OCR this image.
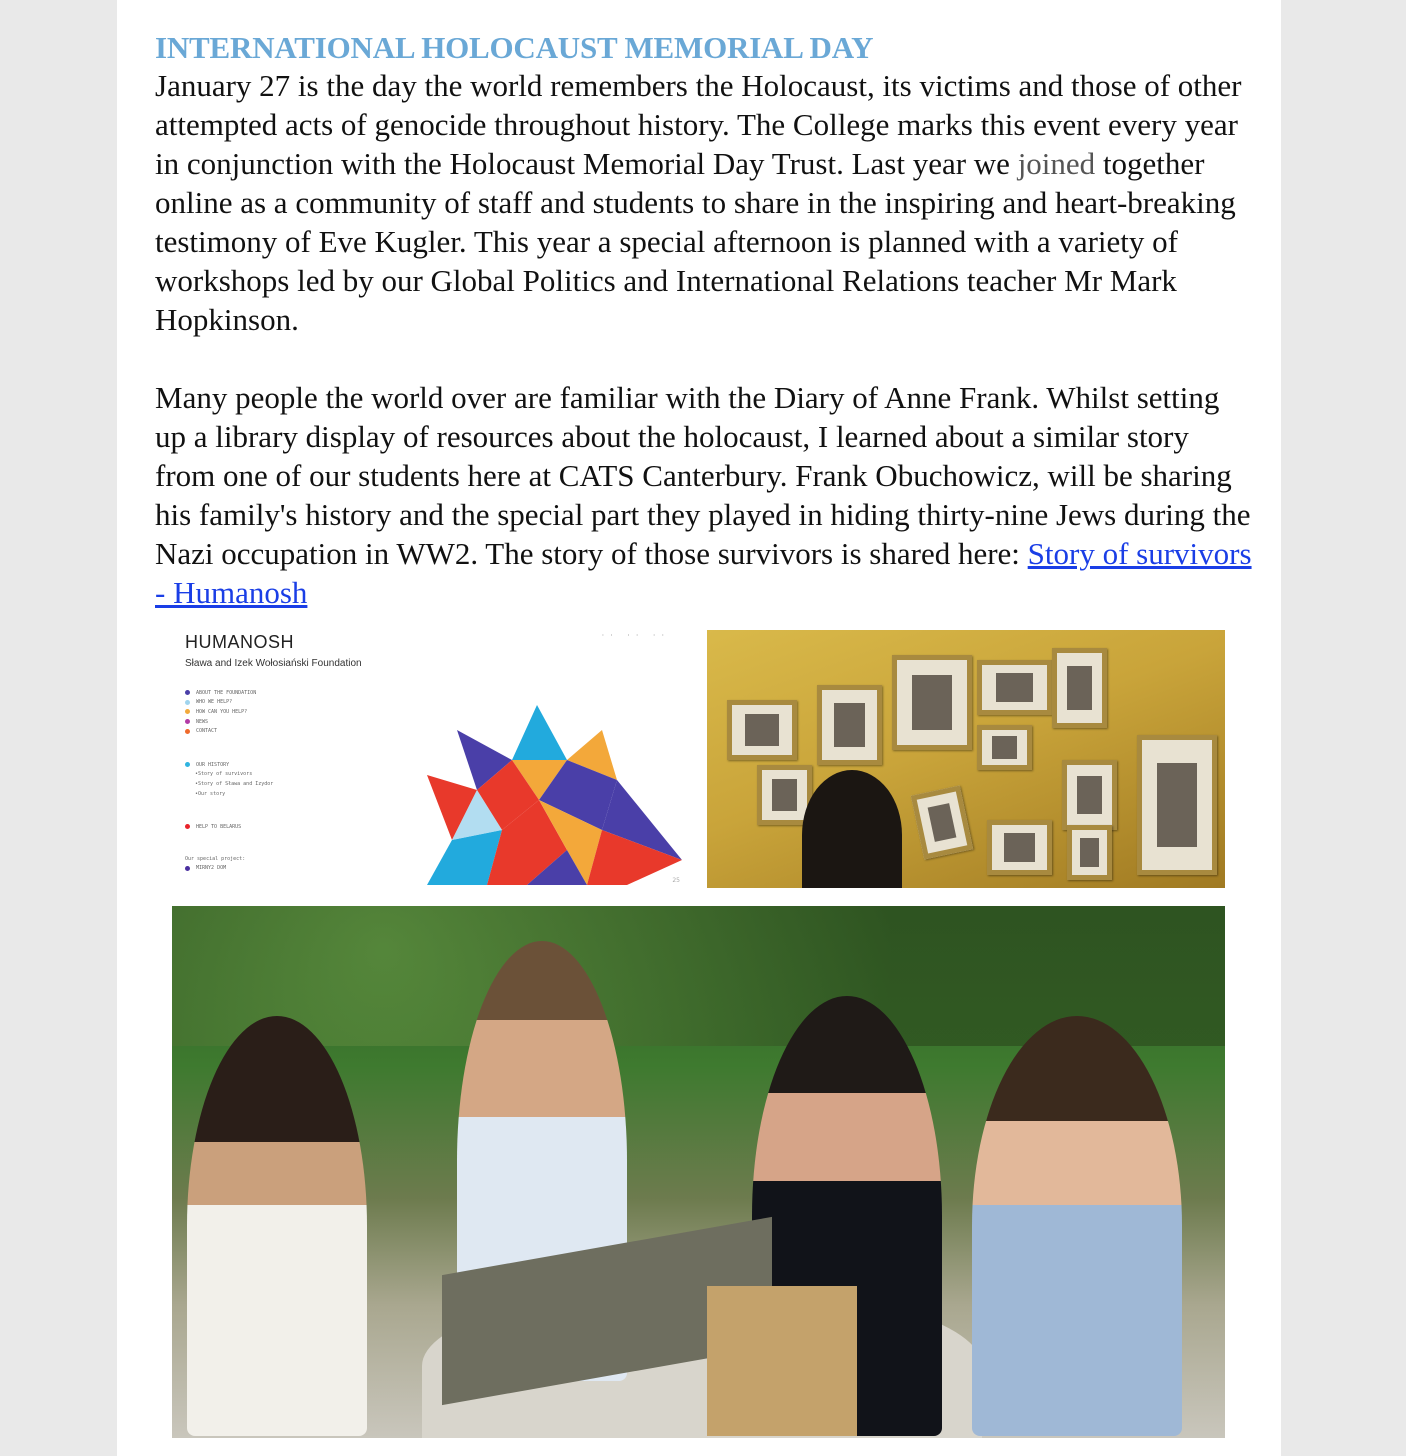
INTERNATIONAL HOLOCAUST MEMORIAL DAY

January 27 is the day the world remembers the Holocaust, its victims and those of other attempted acts of genocide throughout history. The College marks this event every year in conjunction with the Holocaust Memorial Day Trust. Last year we joined together online as a community of staff and students to share in the inspiring and heart-breaking testimony of Eve Kugler. This year a special afternoon is planned with a variety of workshops led by our Global Politics and International Relations teacher Mr Mark Hopkinson.

Many people the world over are familiar with the Diary of Anne Frank. Whilst setting up a library display of resources about the holocaust, I learned about a similar story from one of our students here at CATS Canterbury. Frank Obuchowicz, will be sharing his family's history and the special part they played in hiding thirty-nine Jews during the Nazi occupation in WW2. The story of those survivors is shared here: Story of survivors - Humanosh

HUMANOSH
Sława and Izek Wołosiański Foundation
·· ·· ··
ABOUT THE FOUNDATION
WHO WE HELP?
HOW CAN YOU HELP?
NEWS
CONTACT
OUR HISTORY
• Story of survivors
• Story of Sława and Izydor
• Our story
HELP TO BELARUS
Our special project:
MIRNY2 DOM
25
